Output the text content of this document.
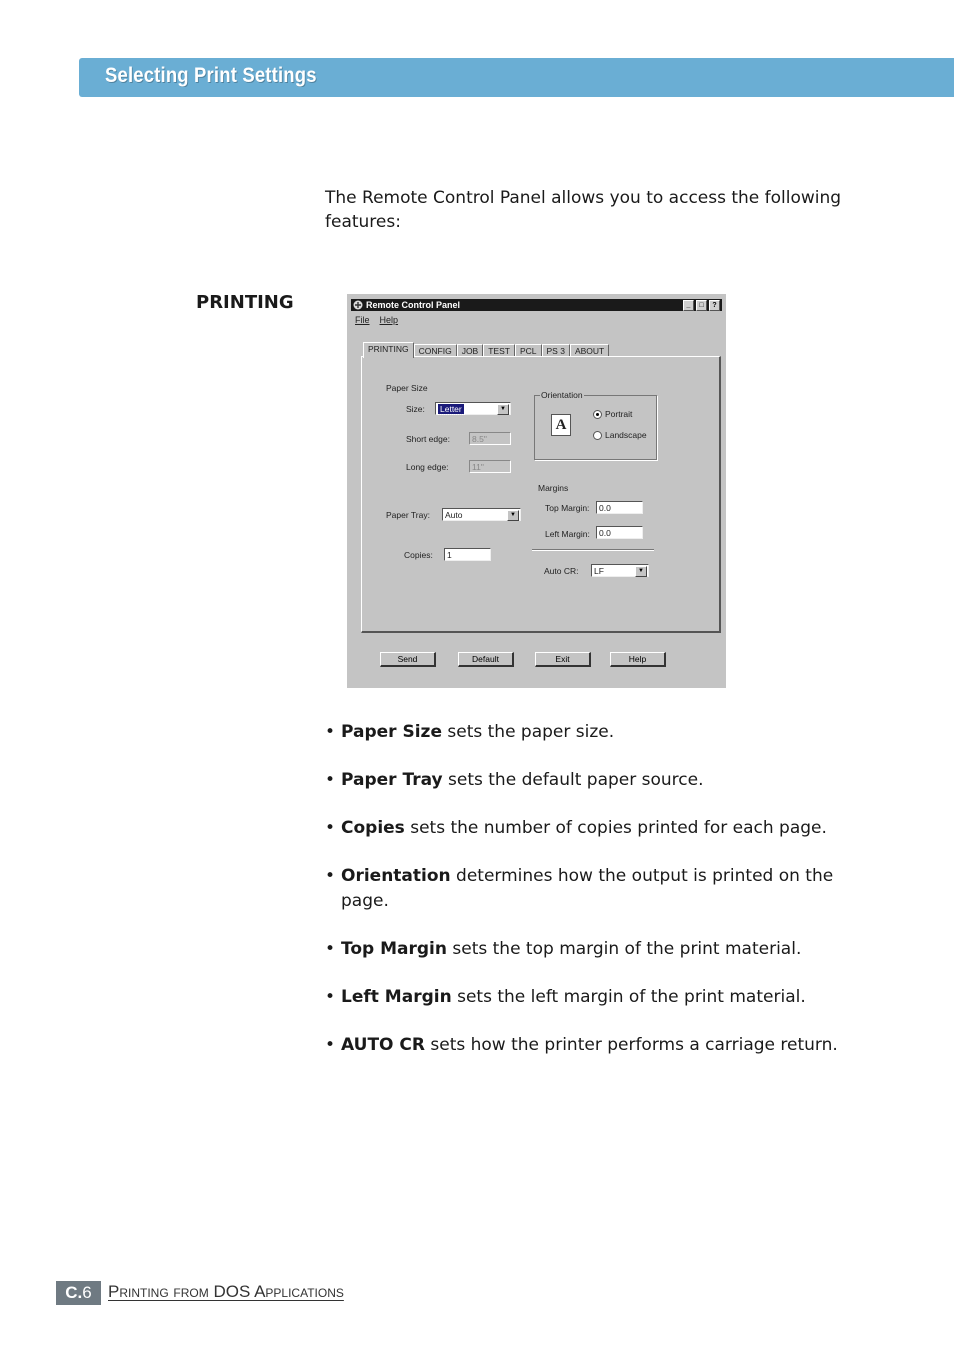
Selecting Print Settings
The Remote Control Panel allows you to access the following features:
PRINTING	Remote Control Panel	_	□	?
File Help
PRINTING	CONFIG	JOB	TEST	PCL	PS 3	ABOUT
Paper Size
Size:	Letter	▼
Short edge:	8.5"
Long edge:	11"
Paper Tray:	Auto	▼
Copies:	1
Orientation
A
Portrait
Landscape
Margins
Top Margin:	0.0
Left Margin:	0.0
Auto CR:	LF	▼
Send	Default	Exit	Help
• Paper Size sets the paper size.
• Paper Tray sets the default paper source.
• Copies sets the number of copies printed for each page.
• Orientation determines how the output is printed on the page.
• Top Margin sets the top margin of the print material.
• Left Margin sets the left margin of the print material.
• AUTO CR sets how the printer performs a carriage return.
C.6 Printing from DOS Applications
